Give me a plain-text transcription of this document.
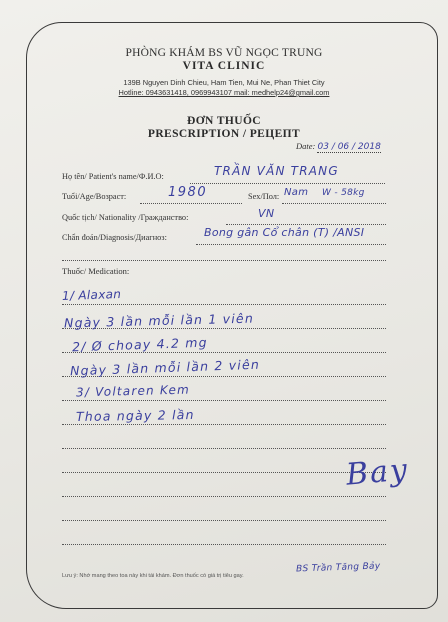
PHÒNG KHÁM BS VŨ NGỌC TRUNG
VITA CLINIC
139B Nguyen Dinh Chieu, Ham Tien, Mui Ne, Phan Thiet City
Hotline: 0943631418, 0969943107 mail: medhelp24@gmail.com
ĐƠN THUỐC
PRESCRIPTION / РЕЦЕПТ
Date: 03 / 06 / 2018
Họ tên/ Patient's name/Ф.И.О:	TRẦN VĂN TRANG
Tuổi/Age/Возраст:	1980	Sex/Пол: Nam W - 58kg
Quốc tịch/ Nationality /Гражданство:	VN
Chẩn đoán/Diagnosis/Диагноз:	Bong gân Cổ chân (T) /ANSI
Thuốc/ Medication:
1/ Alaxan
Ngày 3 lần mỗi lần 1 viên
2/ Ø choay 4.2 mg
Ngày 3 lần mỗi lần 2 viên
3/ Voltaren Kem
Thoa ngày 2 lần
Bay
BS Trần Tăng Bảy
Lưu ý: Nhớ mang theo toa này khi tái khám. Đơn thuốc có giá trị tiêu gay.
